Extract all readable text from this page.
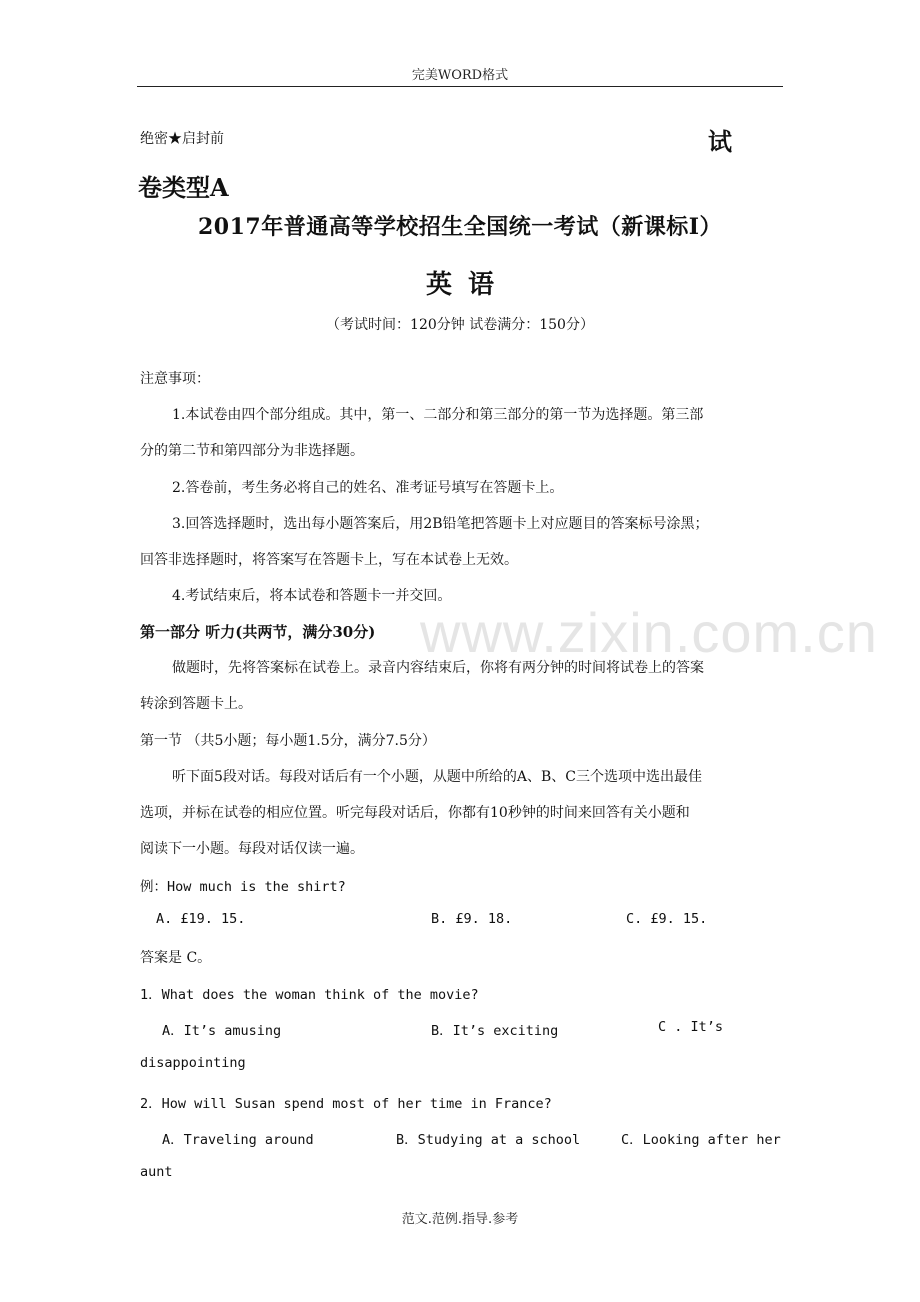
完美WORD格式
绝密★启封前	试
卷类型A
2017年普通高等学校招生全国统一考试（新课标Ⅰ）
英语
（考试时间：120分钟 试卷满分：150分）
注意事项：
1.本试卷由四个部分组成。其中，第一、二部分和第三部分的第一节为选择题。第三部
分的第二节和第四部分为非选择题。
2.答卷前，考生务必将自己的姓名、准考证号填写在答题卡上。
3.回答选择题时，选出每小题答案后，用2B铅笔把答题卡上对应题目的答案标号涂黑；
回答非选择题时，将答案写在答题卡上，写在本试卷上无效。
4.考试结束后，将本试卷和答题卡一并交回。
第一部分 听力(共两节，满分30分)
做题时，先将答案标在试卷上。录音内容结束后，你将有两分钟的时间将试卷上的答案
转涂到答题卡上。
第一节 （共5小题；每小题1.5分，满分7.5分）
听下面5段对话。每段对话后有一个小题，从题中所给的A、B、C三个选项中选出最佳
选项，并标在试卷的相应位置。听完每段对话后，你都有10秒钟的时间来回答有关小题和
阅读下一小题。每段对话仅读一遍。
例：How much is the shirt?
A. £19. 15.	B. £9. 18.	C. £9. 15.
答案是 C。
1．What does the woman think of the movie?
A．It’s amusing	B．It’s exciting	C . It’s
disappointing
2．How will Susan spend most of her time in France?
A．Traveling around	B．Studying at a school	C．Looking after her
aunt
www.zixin.com.cn
范文.范例.指导.参考
